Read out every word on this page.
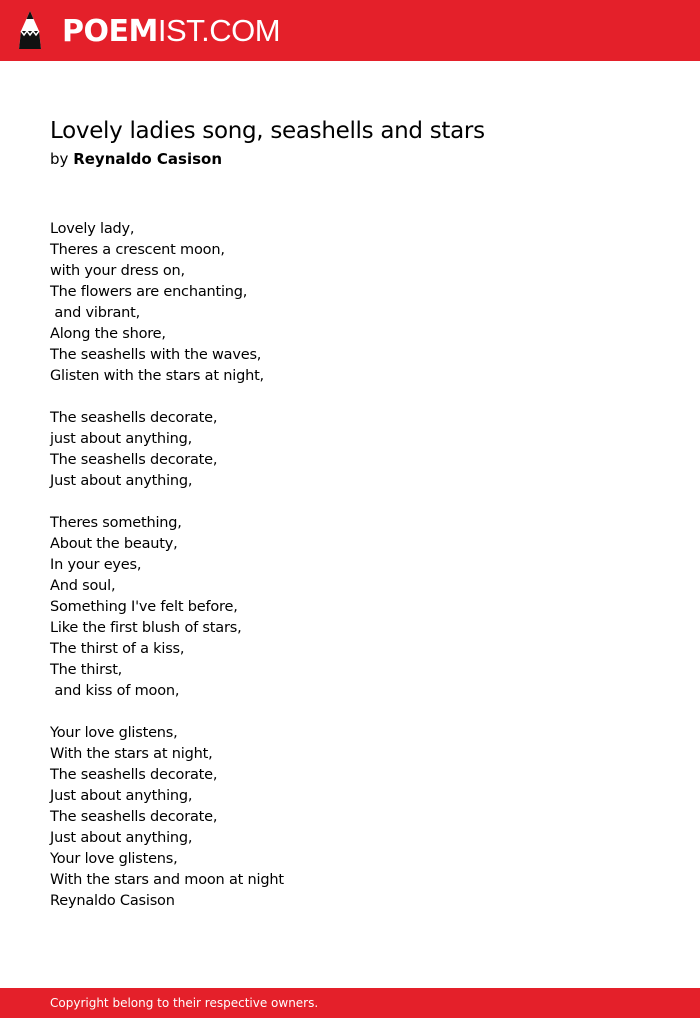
POEMIST.COM
Lovely ladies song, seashells and stars
by Reynaldo Casison
Lovely lady,
Theres a crescent moon,
with your dress on,
The flowers are enchanting,
and vibrant,
Along the shore,
The seashells with the waves,
Glisten with the stars at night,
The seashells decorate,
just about anything,
The seashells decorate,
Just about anything,
Theres something,
About the beauty,
In your eyes,
And soul,
Something I've felt before,
Like the first blush of stars,
The thirst of a kiss,
The thirst,
and kiss of moon,
Your love glistens,
With the stars at night,
The seashells decorate,
Just about anything,
The seashells decorate,
Just about anything,
Your love glistens,
With the stars and moon at night
Reynaldo Casison
Copyright belong to their respective owners.
